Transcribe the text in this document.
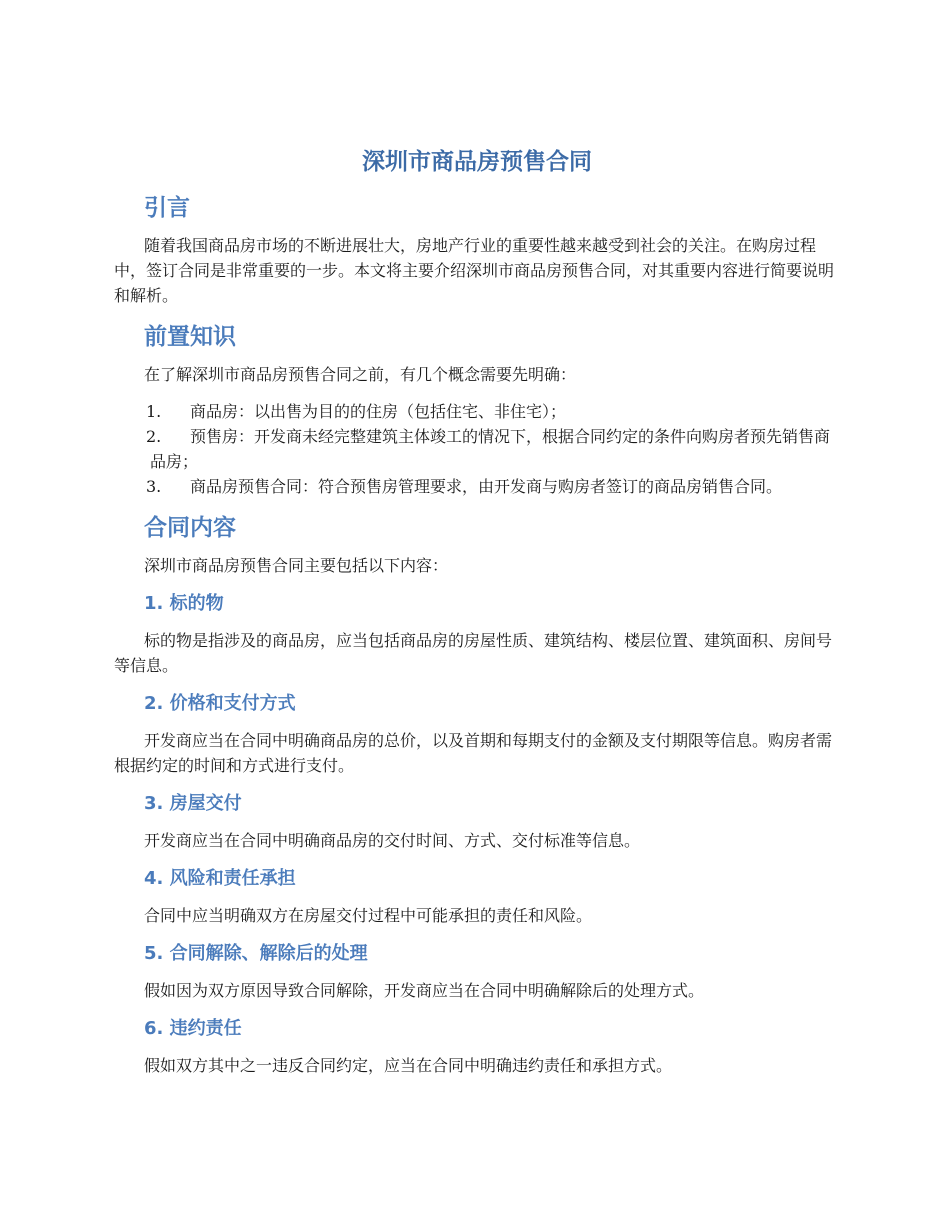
深圳市商品房预售合同
引言

随着我国商品房市场的不断进展壮大，房地产行业的重要性越来越受到社会的关注。在购房过程中，签订合同是非常重要的一步。本文将主要介绍深圳市商品房预售合同，对其重要内容进行简要说明和解析。

前置知识

在了解深圳市商品房预售合同之前，有几个概念需要先明确：

1. 商品房：以出售为目的的住房（包括住宅、非住宅）；
2. 预售房：开发商未经完整建筑主体竣工的情况下，根据合同约定的条件向购房者预先销售商品房；
3. 商品房预售合同：符合预售房管理要求，由开发商与购房者签订的商品房销售合同。
合同内容

深圳市商品房预售合同主要包括以下内容：

1. 标的物

标的物是指涉及的商品房，应当包括商品房的房屋性质、建筑结构、楼层位置、建筑面积、房间号等信息。

2. 价格和支付方式

开发商应当在合同中明确商品房的总价，以及首期和每期支付的金额及支付期限等信息。购房者需根据约定的时间和方式进行支付。

3. 房屋交付

开发商应当在合同中明确商品房的交付时间、方式、交付标准等信息。

4. 风险和责任承担

合同中应当明确双方在房屋交付过程中可能承担的责任和风险。

5. 合同解除、解除后的处理

假如因为双方原因导致合同解除，开发商应当在合同中明确解除后的处理方式。

6. 违约责任

假如双方其中之一违反合同约定，应当在合同中明确违约责任和承担方式。
